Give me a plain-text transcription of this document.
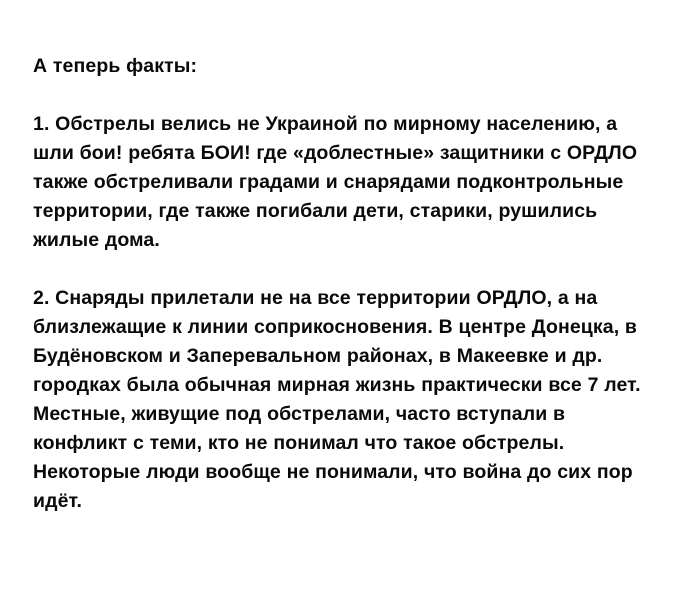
А теперь факты:

1. Обстрелы велись не Украиной по мирному населению, а шли бои! ребята БОИ! где «доблестные» защитники с ОРДЛО также обстреливали градами и снарядами подконтрольные территории, где также погибали дети, старики, рушились жилые дома.

2. Снаряды прилетали не на все территории ОРДЛО, а на близлежащие к линии соприкосновения. В центре Донецка, в Будёновском и Заперевальном районах, в Макеевке и др. городках была обычная мирная жизнь практически все 7 лет. Местные, живущие под обстрелами, часто вступали в конфликт с теми, кто не понимал что такое обстрелы. Некоторые люди вообще не понимали, что война до сих пор идёт.
